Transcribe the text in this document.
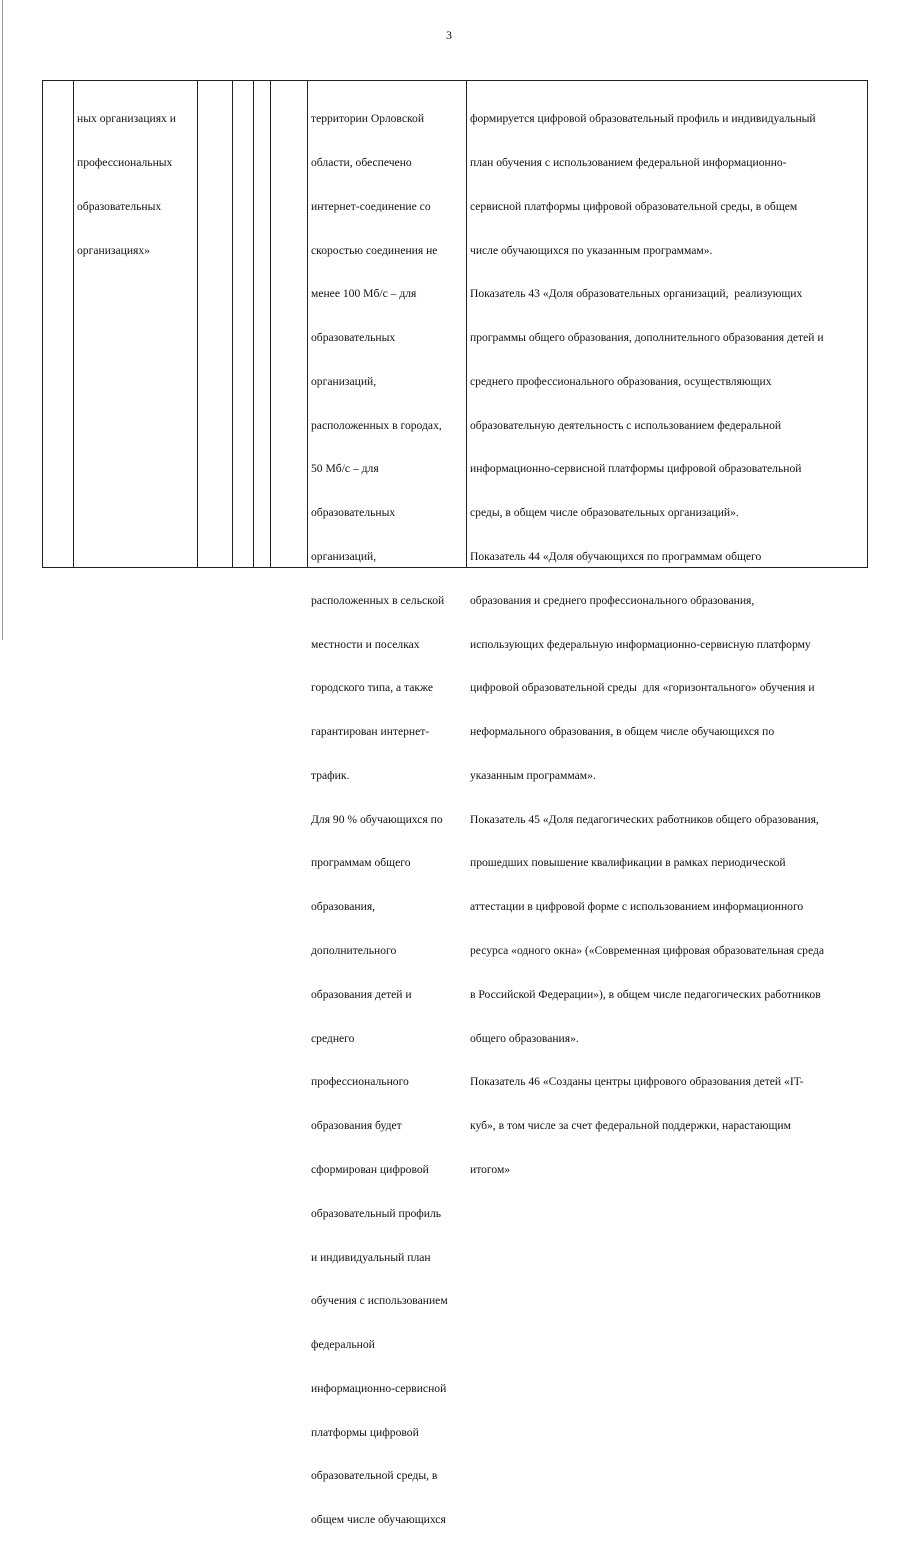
3

ных организациях и

профессиональных

образовательных

организациях»

территории Орловской

области, обеспечено

интернет-соединение со

скоростью соединения не

менее 100 Мб/с – для

образовательных

организаций,

расположенных в городах,

50 Мб/с – для

образовательных

организаций,

расположенных в сельской

местности и поселках

городского типа, а также

гарантирован интернет-

трафик.

Для 90 % обучающихся по

программам общего

образования,

дополнительного

образования детей и

среднего

профессионального

образования будет

сформирован цифровой

образовательный профиль

и индивидуальный план

обучения с использованием

федеральной

информационно-сервисной

платформы цифровой

образовательной среды, в

общем числе обучающихся

формируется цифровой образовательный профиль и индивидуальный

план обучения с использованием федеральной информационно-

сервисной платформы цифровой образовательной среды, в общем

числе обучающихся по указанным программам».

Показатель 43 «Доля образовательных организаций,  реализующих

программы общего образования, дополнительного образования детей и

среднего профессионального образования, осуществляющих

образовательную деятельность с использованием федеральной

информационно-сервисной платформы цифровой образовательной

среды, в общем числе образовательных организаций».

Показатель 44 «Доля обучающихся по программам общего

образования и среднего профессионального образования,

использующих федеральную информационно-сервисную платформу

цифровой образовательной среды  для «горизонтального» обучения и

неформального образования, в общем числе обучающихся по

указанным программам».

Показатель 45 «Доля педагогических работников общего образования,

прошедших повышение квалификации в рамках периодической

аттестации в цифровой форме с использованием информационного

ресурса «одного окна» («Современная цифровая образовательная среда

в Российской Федерации»), в общем числе педагогических работников

общего образования».

Показатель 46 «Созданы центры цифрового образования детей «IT-

куб», в том числе за счет федеральной поддержки, нарастающим

итогом»
